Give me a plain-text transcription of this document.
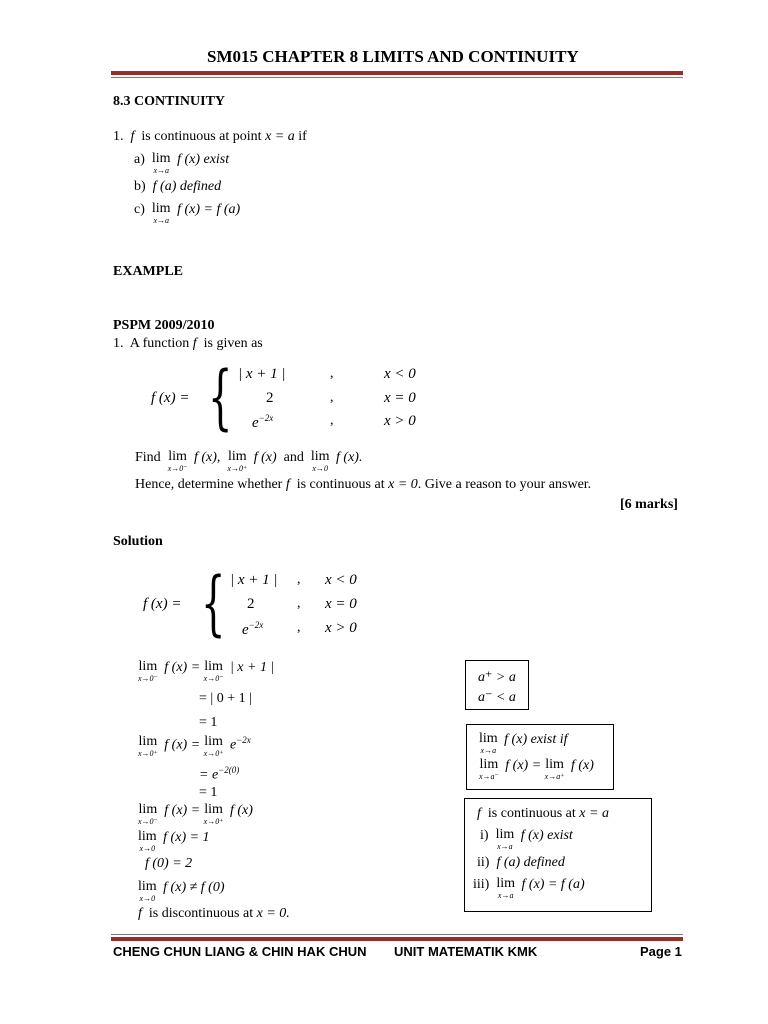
SM015 CHAPTER 8 LIMITS AND CONTINUITY
8.3 CONTINUITY
1. f is continuous at point x = a if
a) lim
x→a
f (x) exist
b) f (a) defined
c) lim
x→a
f (x) = f (a)
EXAMPLE
PSPM 2009/2010
1. A function f is given as
f (x) = { | x + 1 |	,	x < 0
2	,	x = 0
$e^{-2x}$	,	x > 0
Find lim
x→0⁻
f (x), lim
x→0⁺
f (x) and lim
x→0
f (x).
Hence, determine whether f is continuous at x = 0. Give a reason to your answer.
[6 marks]
Solution
f (x) = { | x + 1 | , x < 0
2	, x = 0
$e^{-2x}$ , x > 0
lim
x→0⁻
f (x) = lim
x→0⁻
| x + 1 |
= | 0 + 1 |
= 1
lim
x→0⁺
f (x) = lim
x→0⁺
$e^{-2x}$
= $e^{-2(0)}$
= 1
lim
x→0⁻
f (x) = lim
x→0⁺
f (x)
lim
x→0
f (x) = 1
f (0) = 2
lim
x→0
f (x) ≠ f (0)
f is discontinuous at x = 0.
a⁺ > a
a⁻ < a
lim
x→a
f (x) exist if
lim
x→a⁻
f (x) = lim
x→a⁺
f (x)
f is continuous at x = a
i) lim
x→a
f (x) exist
ii) f (a) defined
iii) lim
x→a
f (x) = f (a)
CHENG CHUN LIANG & CHIN HAK CHUN UNIT MATEMATIK KMK	Page 1
